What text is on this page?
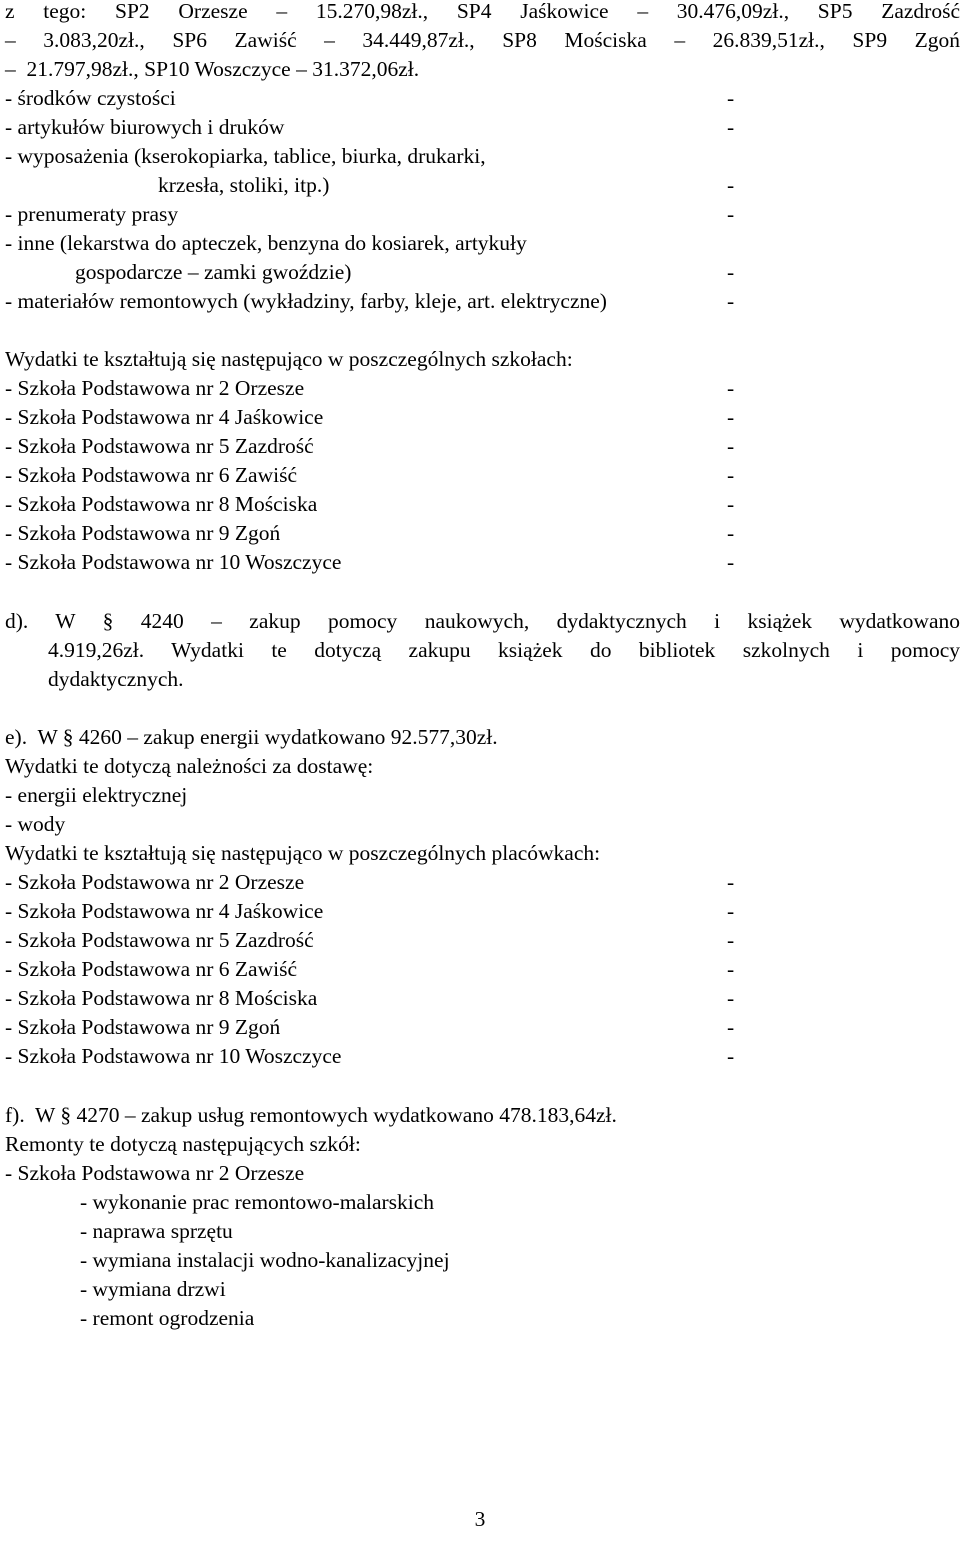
z tego: SP2 Orzesze – 15.270,98zł., SP4 Jaśkowice – 30.476,09zł., SP5 Zazdrość

– 3.083,20zł., SP6 Zawiść – 34.449,87zł., SP8 Mościska – 26.839,51zł., SP9 Zgoń

–  21.797,98zł., SP10 Woszczyce – 31.372,06zł.

- środków czystości

	-

- artykułów biurowych i druków

	-

- wyposażenia (kserokopiarka, tablice, biurka, drukarki,

krzesła, stoliki, itp.)

	-

- prenumeraty prasy

	-

- inne (lekarstwa do apteczek, benzyna do kosiarek, artykuły

gospodarcze – zamki gwoździe)

	-

- materiałów remontowych (wykładziny, farby, kleje, art. elektryczne)

	-

Wydatki te kształtują się następująco w poszczególnych szkołach:

- Szkoła Podstawowa nr 2 Orzesze	-
- Szkoła Podstawowa nr 4 Jaśkowice	-
- Szkoła Podstawowa nr 5 Zazdrość	-
- Szkoła Podstawowa nr 6 Zawiść	-
- Szkoła Podstawowa nr 8 Mościska	-
- Szkoła Podstawowa nr 9 Zgoń	-
- Szkoła Podstawowa nr 10 Woszczyce	-

d). W § 4240 – zakup pomocy naukowych, dydaktycznych i książek wydatkowano

4.919,26zł. Wydatki te dotyczą zakupu książek do bibliotek szkolnych i pomocy

dydaktycznych.

e).  W § 4260 – zakup energii wydatkowano 92.577,30zł.

Wydatki te dotyczą należności za dostawę:

- energii elektrycznej

- wody

Wydatki te kształtują się następująco w poszczególnych placówkach:

- Szkoła Podstawowa nr 2 Orzesze	-
- Szkoła Podstawowa nr 4 Jaśkowice	-
- Szkoła Podstawowa nr 5 Zazdrość	-
- Szkoła Podstawowa nr 6 Zawiść	-
- Szkoła Podstawowa nr 8 Mościska	-
- Szkoła Podstawowa nr 9 Zgoń	-
- Szkoła Podstawowa nr 10 Woszczyce	-

f).  W § 4270 – zakup usług remontowych wydatkowano 478.183,64zł.

Remonty te dotyczą następujących szkół:

- Szkoła Podstawowa nr 2 Orzesze

- wykonanie prac remontowo-malarskich
- naprawa sprzętu
- wymiana instalacji wodno-kanalizacyjnej
- wymiana drzwi
- remont ogrodzenia
3
